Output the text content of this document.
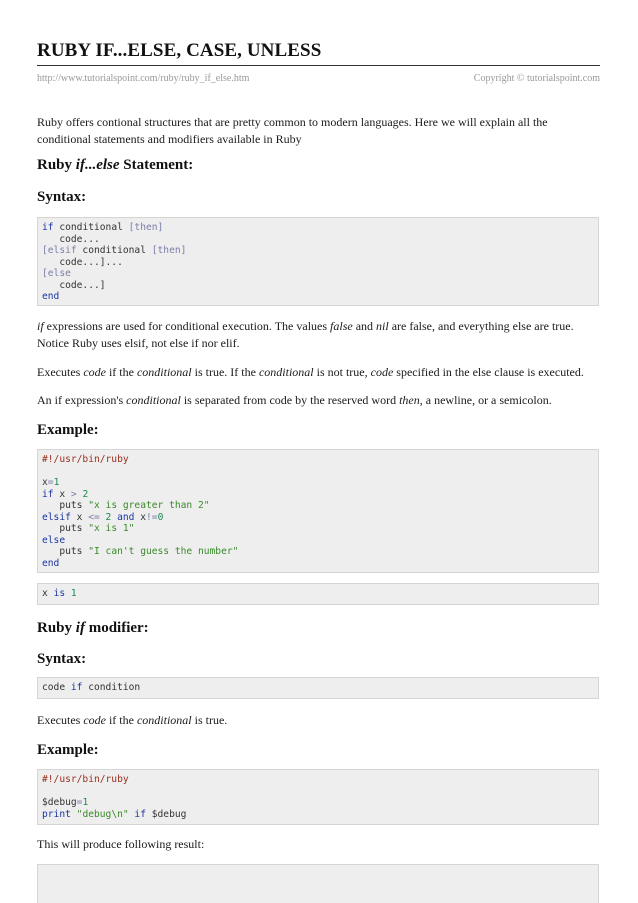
RUBY IF...ELSE, CASE, UNLESS
http://www.tutorialspoint.com/ruby/ruby_if_else.htm	Copyright © tutorialspoint.com

Ruby offers contional structures that are pretty common to modern languages. Here we will explain all the conditional statements and modifiers available in Ruby

Ruby if...else Statement:
Syntax:
if conditional [then]
code...
[elsif conditional [then]
code...]...
[else
code...]
end

if expressions are used for conditional execution. The values false and nil are false, and everything else are true. Notice Ruby uses elsif, not else if nor elif.

Executes code if the conditional is true. If the conditional is not true, code specified in the else clause is executed.

An if expression's conditional is separated from code by the reserved word then, a newline, or a semicolon.

Example:
#!/usr/bin/ruby

x=1
if x > 2
puts "x is greater than 2"
elsif x <= 2 and x!=0
puts "x is 1"
else
puts "I can't guess the number"
end
x is 1
Ruby if modifier:
Syntax:
code if condition

Executes code if the conditional is true.

Example:
#!/usr/bin/ruby

$debug=1
print "debug\n" if $debug

This will produce following result:
